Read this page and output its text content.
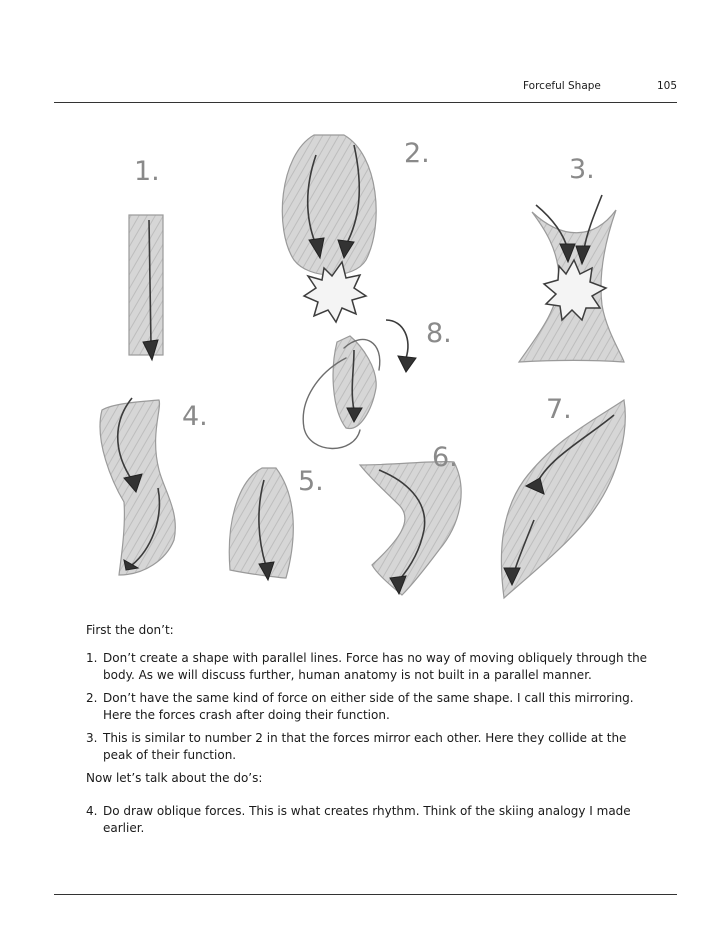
Forceful Shape	105
1.
2.
3.
8.
4.
5.
6.
7.

First the don’t:

1. Don’t create a shape with parallel lines. Force has no way of moving obliquely through the body. As we will discuss further, human anatomy is not built in a parallel manner.
2. Don’t have the same kind of force on either side of the same shape. I call this mirroring. Here the forces crash after doing their function.
3. This is similar to number 2 in that the forces mirror each other. Here they collide at the peak of their function.

Now let’s talk about the do’s:

4. Do draw oblique forces. This is what creates rhythm. Think of the skiing analogy I made earlier.
